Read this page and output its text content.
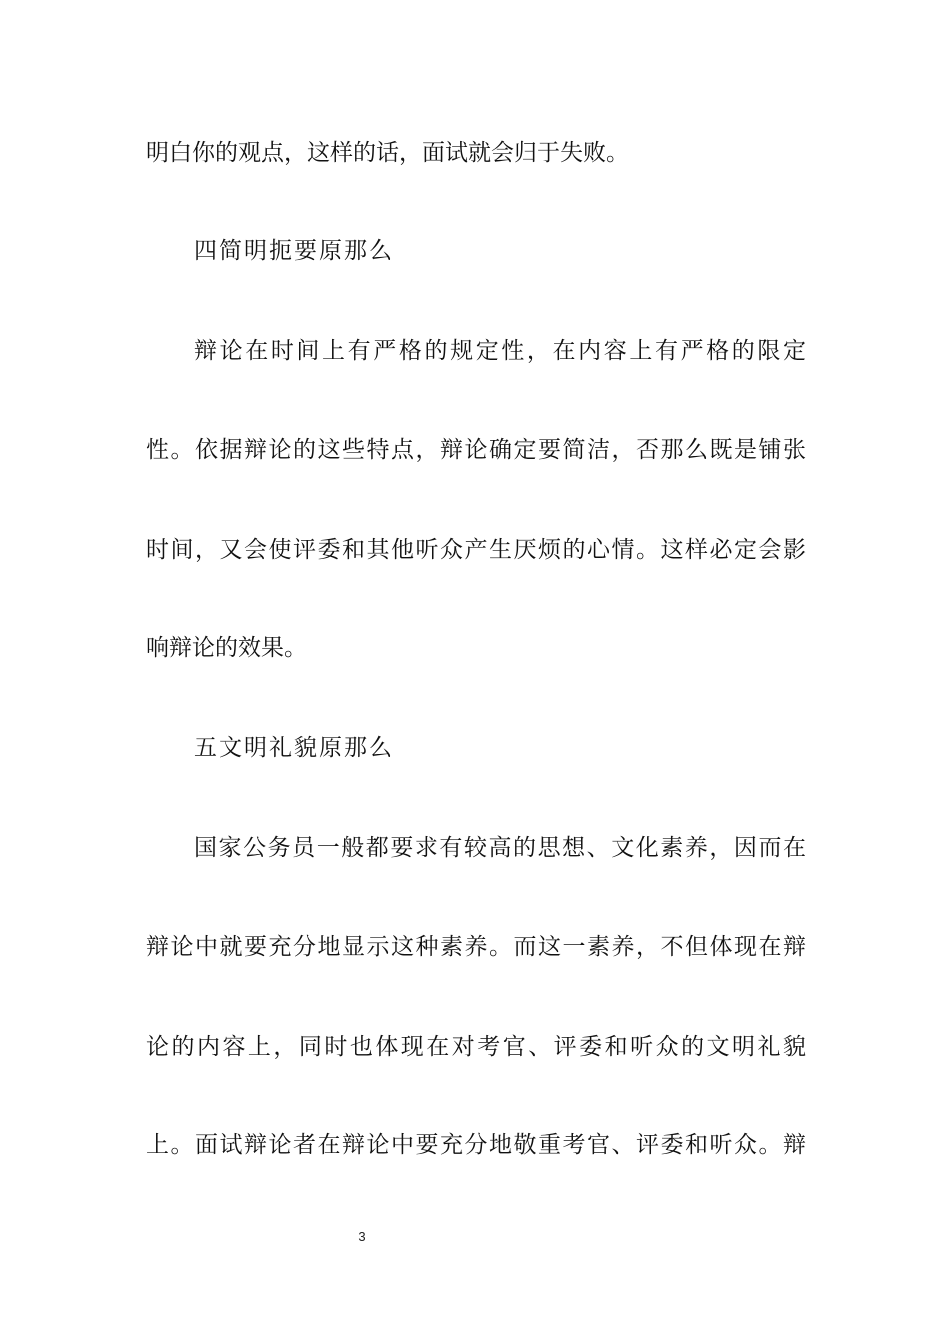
明白你的观点，这样的话，面试就会归于失败。
四简明扼要原那么
辩论在时间上有严格的规定性，在内容上有严格的限定
性。依据辩论的这些特点，辩论确定要简洁，否那么既是铺张
时间，又会使评委和其他听众产生厌烦的心情。这样必定会影
响辩论的效果。
五文明礼貌原那么
国家公务员一般都要求有较高的思想、文化素养，因而在
辩论中就要充分地显示这种素养。而这一素养，不但体现在辩
论的内容上，同时也体现在对考官、评委和听众的文明礼貌
上。面试辩论者在辩论中要充分地敬重考官、评委和听众。辩
3
